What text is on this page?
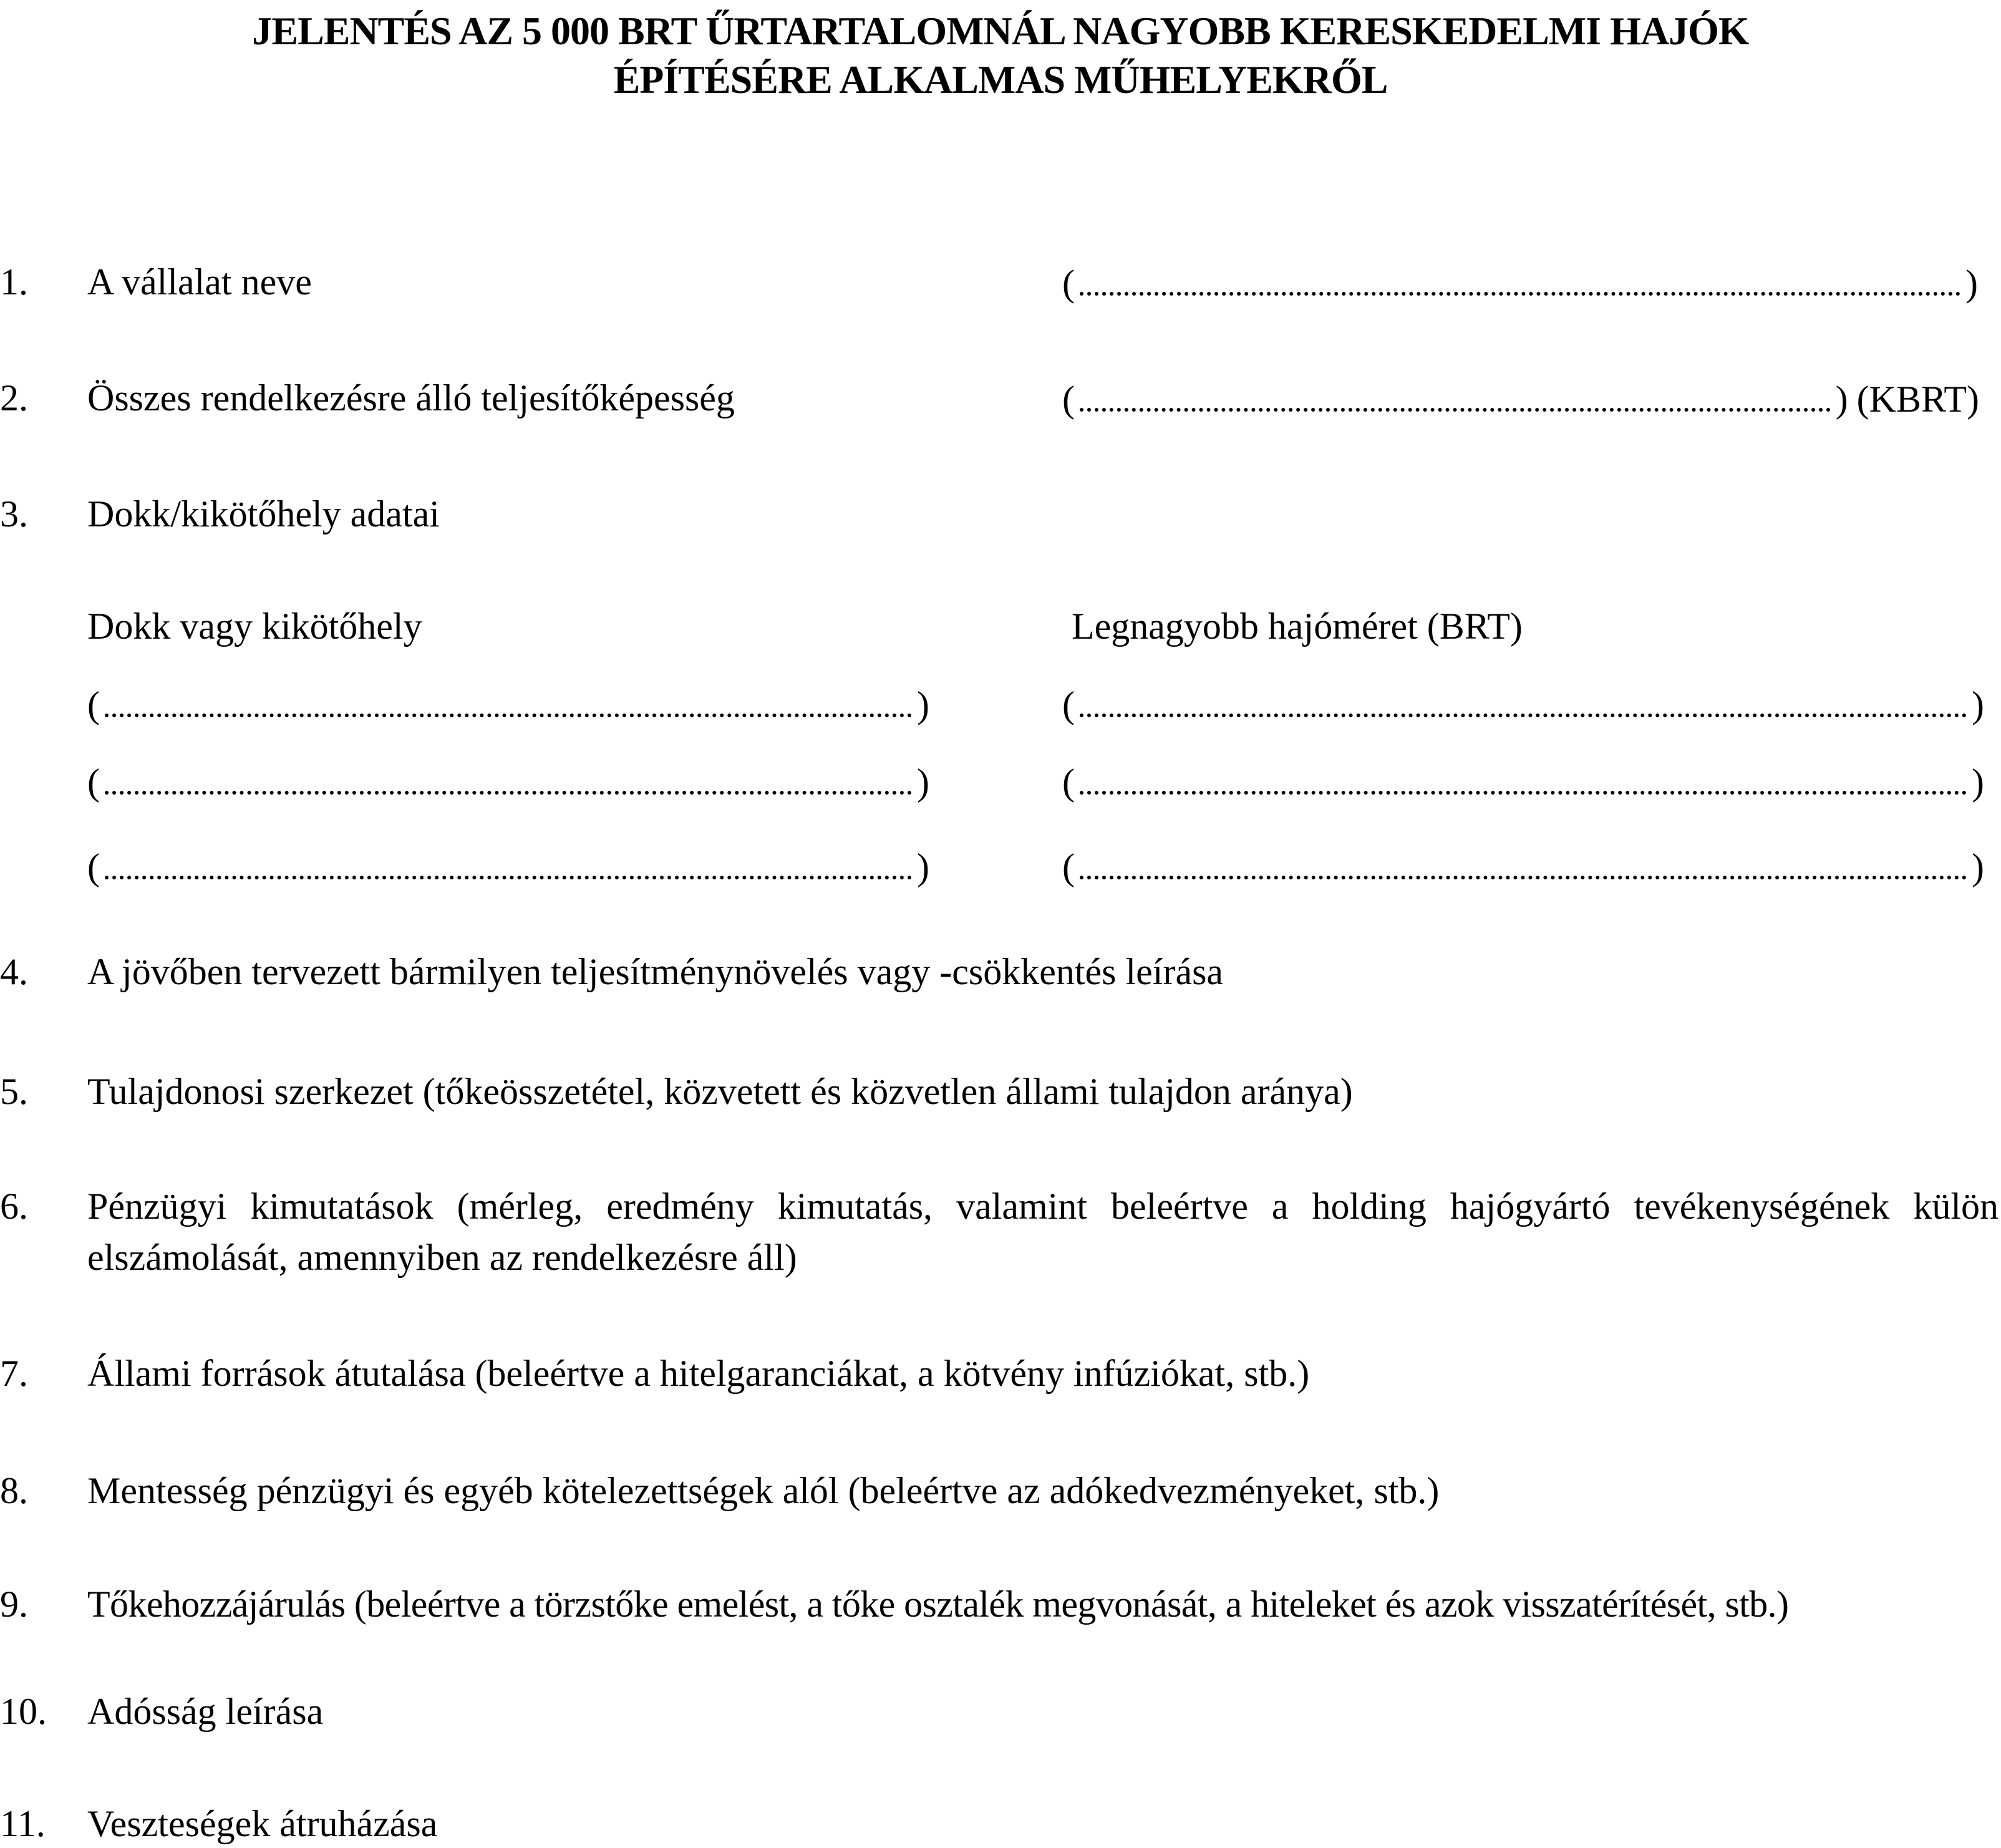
JELENTÉS AZ 5 000 BRT ŰRTARTALOMNÁL NAGYOBB KERESKEDELMI HAJÓK
ÉPÍTÉSÉRE ALKALMAS MŰHELYEKRŐL
1. A vállalat neve	(	)
2. Összes rendelkezésre álló teljesítőképesség	(	) (KBRT)
3. Dokk/kikötőhely adatai
Dokk vagy kikötőhely	Legnagyobb hajóméret (BRT)
(	)	(	)
(	)	(	)
(	)	(	)
4. A jövőben tervezett bármilyen teljesítménynövelés vagy -csökkentés leírása
5. Tulajdonosi szerkezet (tőkeösszetétel, közvetett és közvetlen állami tulajdon aránya)
6. Pénzügyi kimutatások (mérleg, eredmény kimutatás, valamint beleértve a holding hajógyártó tevékenységének külön elszámolását, amennyiben az rendelkezésre áll)
7. Állami források átutalása (beleértve a hitelgaranciákat, a kötvény infúziókat, stb.)
8. Mentesség pénzügyi és egyéb kötelezettségek alól (beleértve az adókedvezményeket, stb.)
9. Tőkehozzájárulás (beleértve a törzstőke emelést, a tőke osztalék megvonását, a hiteleket és azok visszatérítését, stb.)
10. Adósság leírása
11. Veszteségek átruházása
